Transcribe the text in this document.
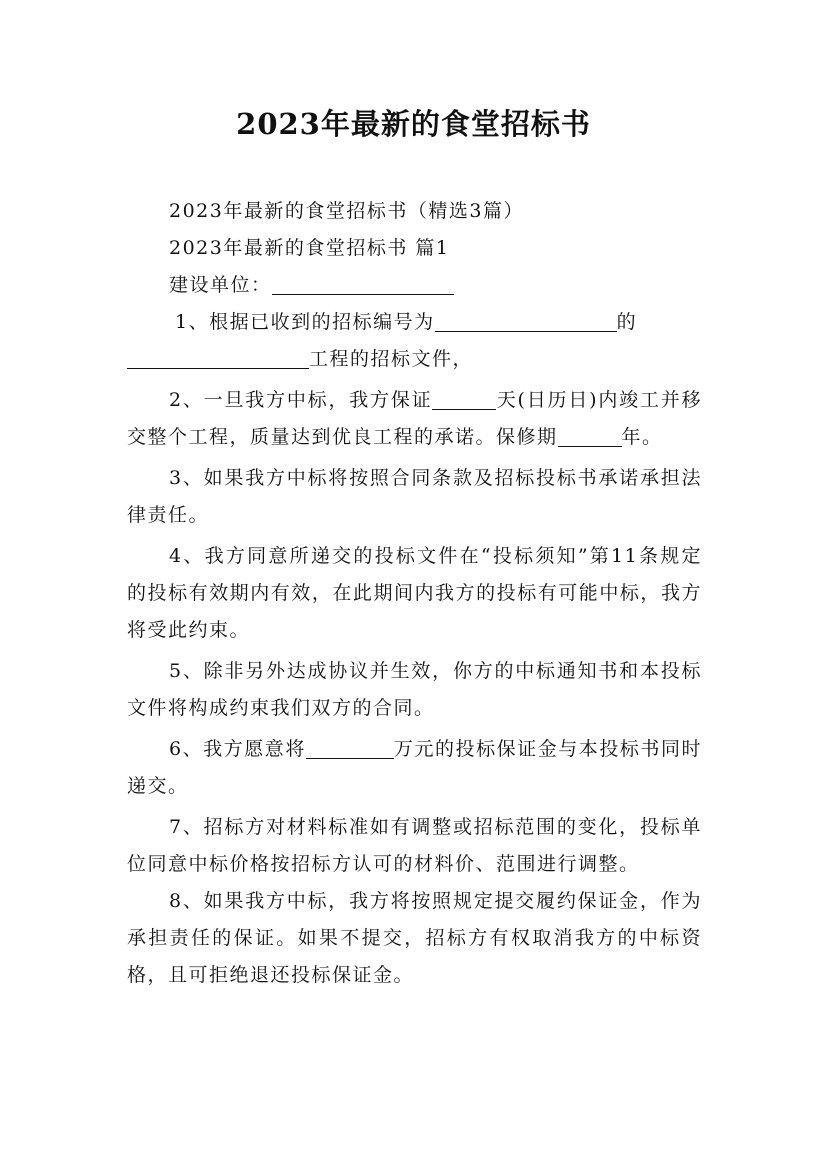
2023年最新的食堂招标书

2023年最新的食堂招标书（精选3篇）

2023年最新的食堂招标书 篇1

建设单位：

1、根据已收到的招标编号为	的
工程的招标文件，

2、一旦我方中标，我方保证	天(日历日)内竣工并移交整个工程，质量达到优良工程的承诺。保修期	年。

3、如果我方中标将按照合同条款及招标投标书承诺承担法律责任。

4、我方同意所递交的投标文件在“投标须知”第11条规定的投标有效期内有效，在此期间内我方的投标有可能中标，我方将受此约束。

5、除非另外达成协议并生效，你方的中标通知书和本投标文件将构成约束我们双方的合同。

6、我方愿意将	万元的投标保证金与本投标书同时递交。

7、招标方对材料标准如有调整或招标范围的变化，投标单位同意中标价格按招标方认可的材料价、范围进行调整。

8、如果我方中标，我方将按照规定提交履约保证金，作为承担责任的保证。如果不提交，招标方有权取消我方的中标资格，且可拒绝退还投标保证金。
